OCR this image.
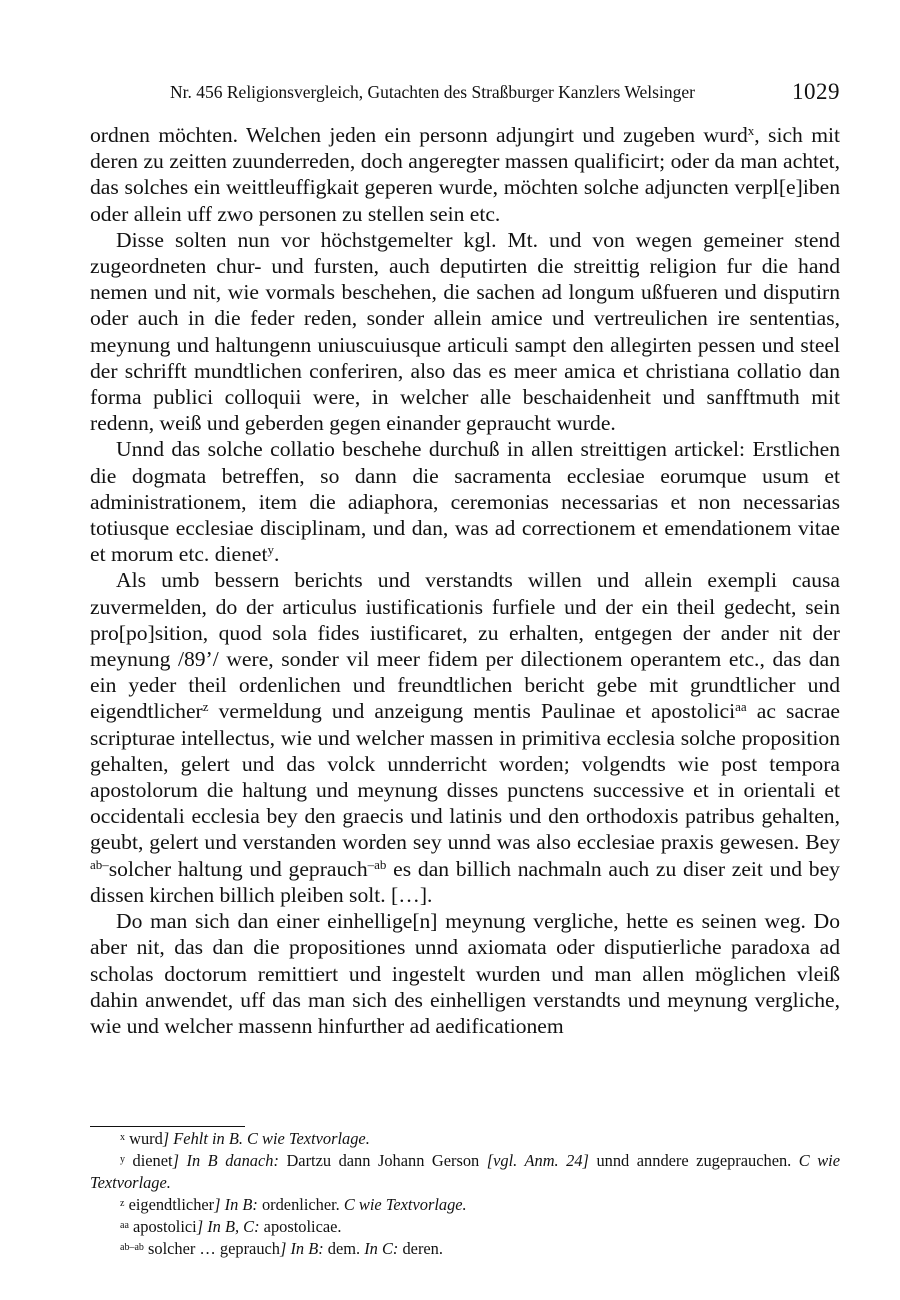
Nr. 456 Religionsvergleich, Gutachten des Straßburger Kanzlers Welsinger	1029

ordnen möchten. Welchen jeden ein personn adjungirt und zugeben wurd$^x$, sich mit deren zu zeitten zuunderreden, doch angeregter massen qualificirt; oder da man achtet, das solches ein weittleuffigkait geperen wurde, möchten solche adjuncten verpl[e]iben oder allein uff zwo personen zu stellen sein etc.

Disse solten nun vor höchstgemelter kgl. Mt. und von wegen gemeiner stend zugeordneten chur- und fursten, auch deputirten die streittig religion fur die hand nemen und nit, wie vormals beschehen, die sachen ad longum ußfueren und disputirn oder auch in die feder reden, sonder allein amice und vertreulichen ire sententias, meynung und haltungenn uniuscuiusque articuli sampt den allegirten pessen und steel der schrifft mundtlichen conferiren, also das es meer amica et christiana collatio dan forma publici colloquii were, in welcher alle beschaidenheit und sanfftmuth mit redenn, weiß und geberden gegen einander gepraucht wurde.

Unnd das solche collatio beschehe durchuß in allen streittigen artickel: Erstlichen die dogmata betreffen, so dann die sacramenta ecclesiae eorumque usum et administrationem, item die adiaphora, ceremonias necessarias et non necessarias totiusque ecclesiae disciplinam, und dan, was ad correctionem et emendationem vitae et morum etc. dienet$^y$.

Als umb bessern berichts und verstandts willen und allein exempli causa zuvermelden, do der articulus iustificationis furfiele und der ein theil gedecht, sein pro[po]sition, quod sola fides iustificaret, zu erhalten, entgegen der ander nit der meynung /89’/ were, sonder vil meer fidem per dilectionem operantem etc., das dan ein yeder theil ordenlichen und freundtlichen bericht gebe mit grundtlicher und eigendtlicher$^z$ vermeldung und anzeigung mentis Paulinae et apostolici$^{aa}$ ac sacrae scripturae intellectus, wie und welcher massen in primitiva ecclesia solche proposition gehalten, gelert und das volck unnderricht worden; volgendts wie post tempora apostolorum die haltung und meynung disses punctens successive et in orientali et occidentali ecclesia bey den graecis und latinis und den orthodoxis patribus gehalten, geubt, gelert und verstanden worden sey unnd was also ecclesiae praxis gewesen. Bey $^{ab-}$solcher haltung und geprauch$^{-ab}$ es dan billich nachmaln auch zu diser zeit und bey dissen kirchen billich pleiben solt. […].

Do man sich dan einer einhellige[n] meynung vergliche, hette es seinen weg. Do aber nit, das dan die propositiones unnd axiomata oder disputierliche paradoxa ad scholas doctorum remittiert und ingestelt wurden und man allen möglichen vleiß dahin anwendet, uff das man sich des einhelligen verstandts und meynung vergliche, wie und welcher massenn hinfurther ad aedificationem

$^x$ wurd] Fehlt in B. C wie Textvorlage.

$^y$ dienet] In B danach: Dartzu dann Johann Gerson [vgl. Anm. 24] unnd anndere zugeprauchen. C wie Textvorlage.

$^z$ eigendtlicher] In B: ordenlicher. C wie Textvorlage.

$^{aa}$ apostolici] In B, C: apostolicae.

$^{ab-ab}$ solcher … geprauch] In B: dem. In C: deren.
